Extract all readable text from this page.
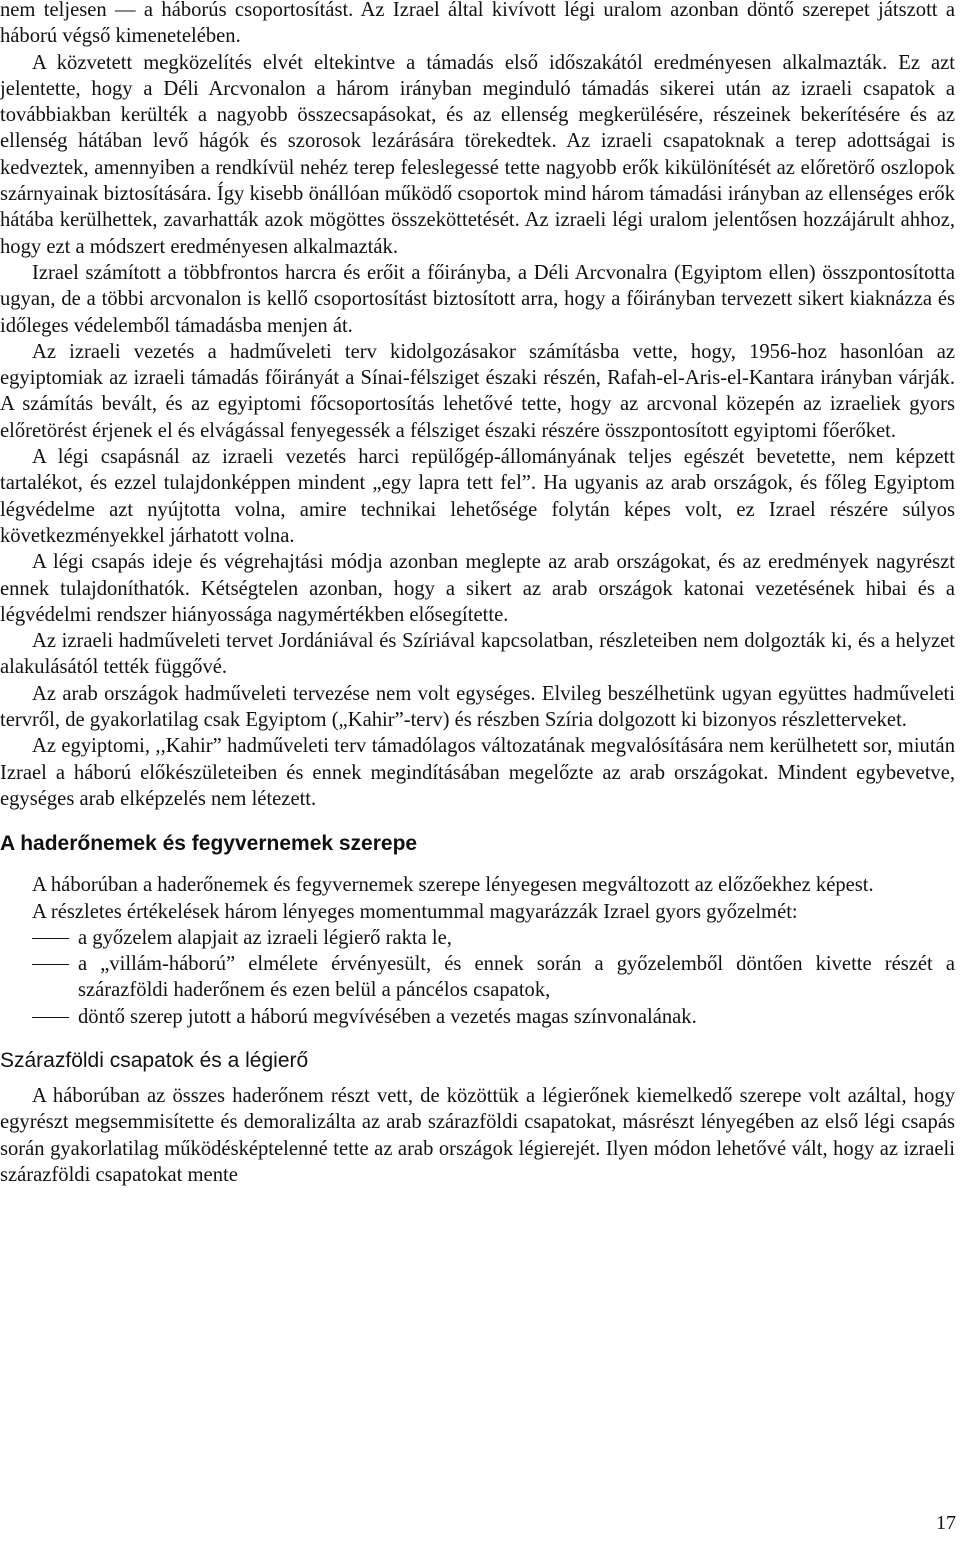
nem teljesen ― a háborús csoportosítást. Az Izrael által kivívott légi uralom azonban döntő szerepet játszott a háború végső kimenetelében.

A közvetett megközelítés elvét eltekintve a támadás első időszakától eredményesen alkalmazták. Ez azt jelentette, hogy a Déli Arcvonalon a három irányban meginduló támadás sikerei után az izraeli csapatok a továbbiakban kerülték a nagyobb összecsapásokat, és az ellenség megkerülésére, részeinek bekerítésére és az ellenség hátában levő hágók és szorosok lezárására törekedtek. Az izraeli csapatoknak a terep adottságai is kedveztek, amennyiben a rendkívül nehéz terep feleslegessé tette nagyobb erők kikülönítését az előretörő oszlopok szárnyainak biztosítására. Így kisebb önállóan működő csoportok mind három támadási irányban az ellenséges erők hátába kerülhettek, zavarhatták azok mögöttes összeköttetését. Az izraeli légi uralom jelentősen hozzájárult ahhoz, hogy ezt a módszert eredményesen alkalmazták.

Izrael számított a többfrontos harcra és erőit a főirányba, a Déli Arcvonalra (Egyiptom ellen) összpontosította ugyan, de a többi arcvonalon is kellő csoportosítást biztosított arra, hogy a főirányban tervezett sikert kiaknázza és időleges védelemből támadásba menjen át.

Az izraeli vezetés a hadműveleti terv kidolgozásakor számításba vette, hogy, 1956-hoz hasonlóan az egyiptomiak az izraeli támadás főirányát a Sínai-félsziget északi részén, Rafah-el-Aris-el-Kantara irányban várják. A számítás bevált, és az egyiptomi főcsoportosítás lehetővé tette, hogy az arcvonal közepén az izraeliek gyors előretörést érjenek el és elvágással fenyegessék a félsziget északi részére összpontosított egyiptomi főerőket.

A légi csapásnál az izraeli vezetés harci repülőgép-állományának teljes egészét bevetette, nem képzett tartalékot, és ezzel tulajdonképpen mindent „egy lapra tett fel”. Ha ugyanis az arab országok, és főleg Egyiptom légvédelme azt nyújtotta volna, amire technikai lehetősége folytán képes volt, ez Izrael részére súlyos következményekkel járhatott volna.

A légi csapás ideje és végrehajtási módja azonban meglepte az arab országokat, és az eredmények nagyrészt ennek tulajdoníthatók. Kétségtelen azonban, hogy a sikert az arab országok katonai vezetésének hibai és a légvédelmi rendszer hiányossága nagymértékben elősegítette.

Az izraeli hadműveleti tervet Jordániával és Szíriával kapcsolatban, részleteiben nem dolgozták ki, és a helyzet alakulásától tették függővé.

Az arab országok hadműveleti tervezése nem volt egységes. Elvileg beszélhetünk ugyan együttes hadműveleti tervről, de gyakorlatilag csak Egyiptom („Kahir”-terv) és részben Szíria dolgozott ki bizonyos részletterveket.

Az egyiptomi, ,,Kahir” hadműveleti terv támadólagos változatának megvalósítására nem kerülhetett sor, miután Izrael a háború előkészületeiben és ennek megindításában megelőzte az arab országokat. Mindent egybevetve, egységes arab elképzelés nem létezett.

A haderőnemek és fegyvernemek szerepe

A háborúban a haderőnemek és fegyvernemek szerepe lényegesen megváltozott az előzőekhez képest.

A részletes értékelések három lényeges momentummal magyarázzák Izrael gyors győzelmét:

a győzelem alapjait az izraeli légierő rakta le,
a „villám-háború” elmélete érvényesült, és ennek során a győzelemből döntően kivette részét a szárazföldi haderőnem és ezen belül a páncélos csapatok,
döntő szerep jutott a háború megvívésében a vezetés magas színvonalának.
Szárazföldi csapatok és a légierő

A háborúban az összes haderőnem részt vett, de közöttük a légierőnek kiemelkedő szerepe volt azáltal, hogy egyrészt megsemmisítette és demoralizálta az arab szárazföldi csapatokat, másrészt lényegében az első légi csapás során gyakorlatilag működésképtelenné tette az arab országok légierejét. Ilyen módon lehetővé vált, hogy az izraeli szárazföldi csapatokat mente

17
